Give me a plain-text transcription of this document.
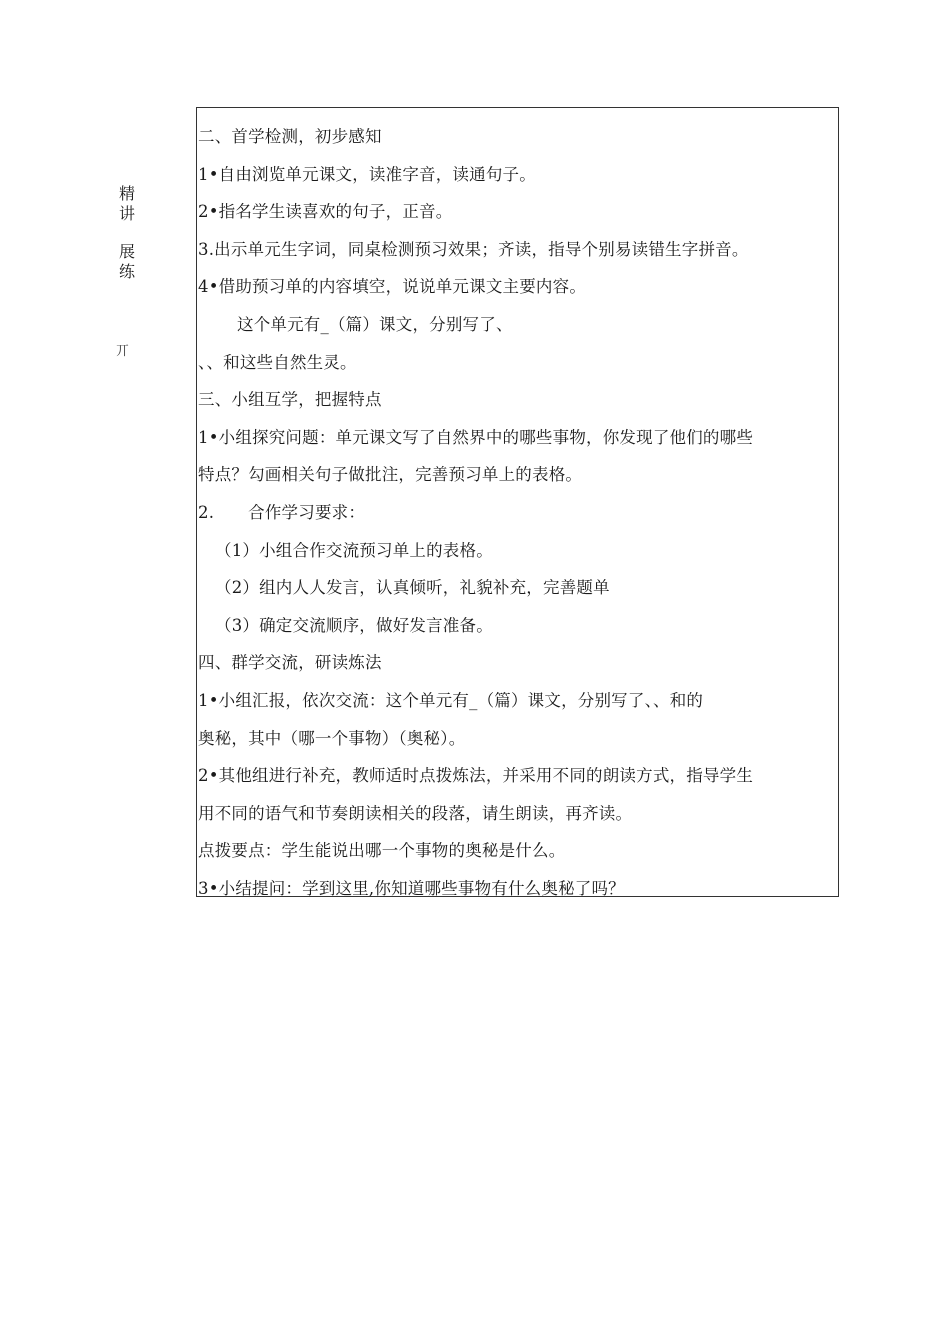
精
讲
展
练
丌
二、首学检测，初步感知
1•自由浏览单元课文，读准字音，读通句子。
2•指名学生读喜欢的句子，正音。
3.出示单元生字词，同桌检测预习效果；齐读，指导个别易读错生字拼音。
4•借助预习单的内容填空，说说单元课文主要内容。
这个单元有_（篇）课文，分别写了、
、、和这些自然生灵。
三、小组互学，把握特点
1•小组探究问题：单元课文写了自然界中的哪些事物，你发现了他们的哪些
特点？勾画相关句子做批注，完善预习单上的表格。
2. 合作学习要求：
（1）小组合作交流预习单上的表格。
（2）组内人人发言，认真倾听，礼貌补充，完善题单
（3）确定交流顺序，做好发言准备。
四、群学交流，研读炼法
1•小组汇报，依次交流：这个单元有_（篇）课文，分别写了、、和的
奥秘，其中（哪一个事物）（奥秘）。
2•其他组进行补充，教师适时点拨炼法，并采用不同的朗读方式，指导学生
用不同的语气和节奏朗读相关的段落，请生朗读，再齐读。
点拨要点：学生能说出哪一个事物的奥秘是什么。
3•小结提问：学到这里,你知道哪些事物有什么奥秘了吗？
